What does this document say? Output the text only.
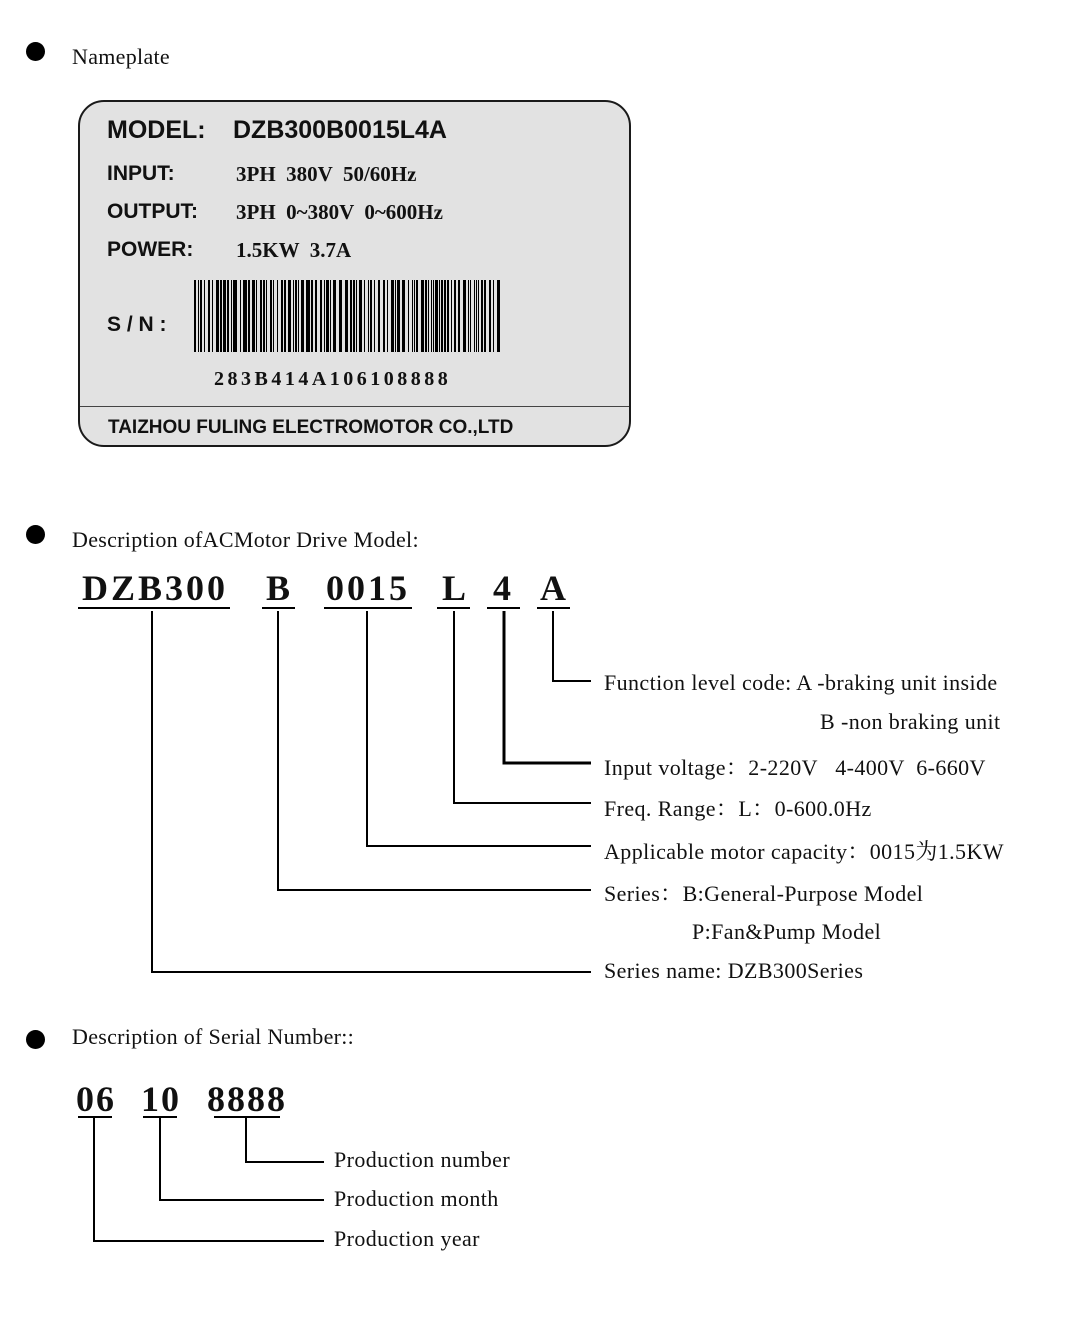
Nameplate
MODEL: DZB300B0015L4A
INPUT:	3PH  380V  50/60Hz
OUTPUT: 3PH  0~380V  0~600Hz
POWER: 1.5KW  3.7A
S / N :
283B414A106108888
TAIZHOU FULING ELECTROMOTOR CO.,LTD
Description ofACMotor Drive Model:
DZB300 B 0015 L 4 A
Function level code: A -braking unit inside
B -non braking unit
Input voltage：2-220V   4-400V  6-660V
Freq. Range：L：0-600.0Hz
Applicable motor capacity：0015为1.5KW
Series：B:General-Purpose Model
P:Fan&Pump Model
Series name: DZB300Series
Description of Serial Number::
06 10 8888
Production number
Production month
Production year
